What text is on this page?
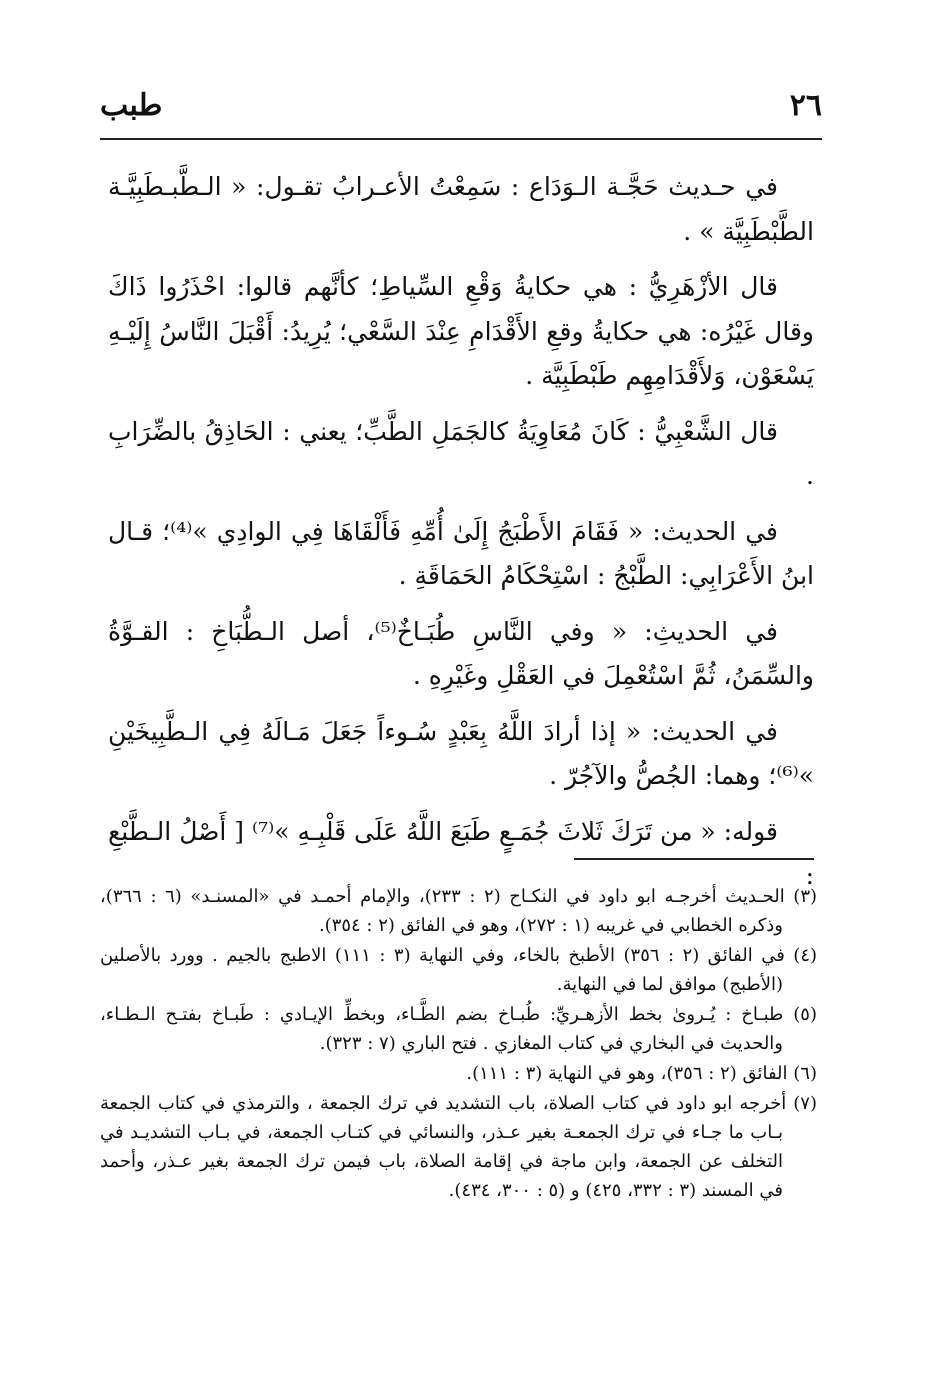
٢٦
طبب

في حـديث حَجَّـة الـوَدَاع : سَمِعْتُ الأعـرابُ تقـول: « الـطَّبـطَبِيَّـة الطَّبْطَبِيَّة » .

قال الأزْهَرِيُّ : هي حكايةُ وَقْعِ السِّياطِ؛ كأنَّهم قالوا: احْذَرُوا ذَاكَ وقال غَيْرُه: هي حكايةُ وقعِ الأَقْدَامِ عِنْدَ السَّعْي؛ يُرِيدُ: أَقْبَلَ النَّاسُ إِلَيْـهِ يَسْعَوْن، وَلأَقْدَامِهِم طَبْطَبِيَّة .

قال الشَّعْبِيُّ : كَانَ مُعَاوِيَةُ كالجَمَلِ الطَّبِّ؛ يعني : الحَاذِقُ بالضِّرَابِ .

في الحديث: « فَقَامَ الأَطْبَجُ إِلَىٰ أُمِّهِ فَأَلْقَاهَا فِي الوادِي »⁽⁴⁾؛ قـال ابنُ الأَعْرَابِي: الطَّبْجُ : اسْتِحْكَامُ الحَمَاقَةِ .

في الحديثِ: « وفي النَّاسِ طُبَـاخٌ⁽⁵⁾، أصل الـطُّبَاخِ : القـوَّةُ والسِّمَنُ، ثُمَّ اسْتُعْمِلَ في العَقْلِ وغَيْرِهِ .

في الحديث: « إذا أرادَ اللَّهُ بِعَبْدٍ سُـوءاً جَعَلَ مَـالَهُ فِي الـطَّبِيخَيْنِ »⁽⁶⁾؛ وهما: الجُصُّ والآجُرّ .

قوله: « من تَرَكَ ثَلاثَ جُمَـعٍ طَبَعَ اللَّهُ عَلَى قَلْبِـهِ »⁽⁷⁾ [ أَصْلُ الـطَّبْعِ :

(٣) الحـديث أخرجـه ابو داود في النكـاح (٢ : ٢٣٣)، والإمام أحمـد في «المسنـد» (٦ : ٣٦٦)، وذكره الخطابي في غريبه (١ : ٢٧٢)، وهو في الفائق (٢ : ٣٥٤).

(٤) في الفائق (٢ : ٣٥٦) الأطبخ بالخاء، وفي النهاية (٣ : ١١١) الاطبج بالجيم . وورد بالأصلين (الأطبج) موافق لما في النهاية.

(٥) طبـاخ : يُـروىٰ بخط الأزهـريِّ: طُبـاخ بضم الطَّـاء، وبخطِّ الإيـادي : طَبـاخ بفتـح الـطـاء، والحديث في البخاري في كتاب المغازي . فتح الباري (٧ : ٣٢٣).

(٦) الفائق (٢ : ٣٥٦)، وهو في النهاية (٣ : ١١١).

(٧) أخرجه ابو داود في كتاب الصلاة، باب التشديد في ترك الجمعة ، والترمذي في كتاب الجمعة بـاب ما جـاء في ترك الجمعـة بغير عـذر، والنسائي في كتـاب الجمعة، في بـاب التشديـد في التخلف عن الجمعة، وابن ماجة في إقامة الصلاة، باب فيمن ترك الجمعة بغير عـذر، وأحمد في المسند (٣ : ٣٣٢، ٤٢٥) و (٥ : ٣٠٠، ٤٣٤).
